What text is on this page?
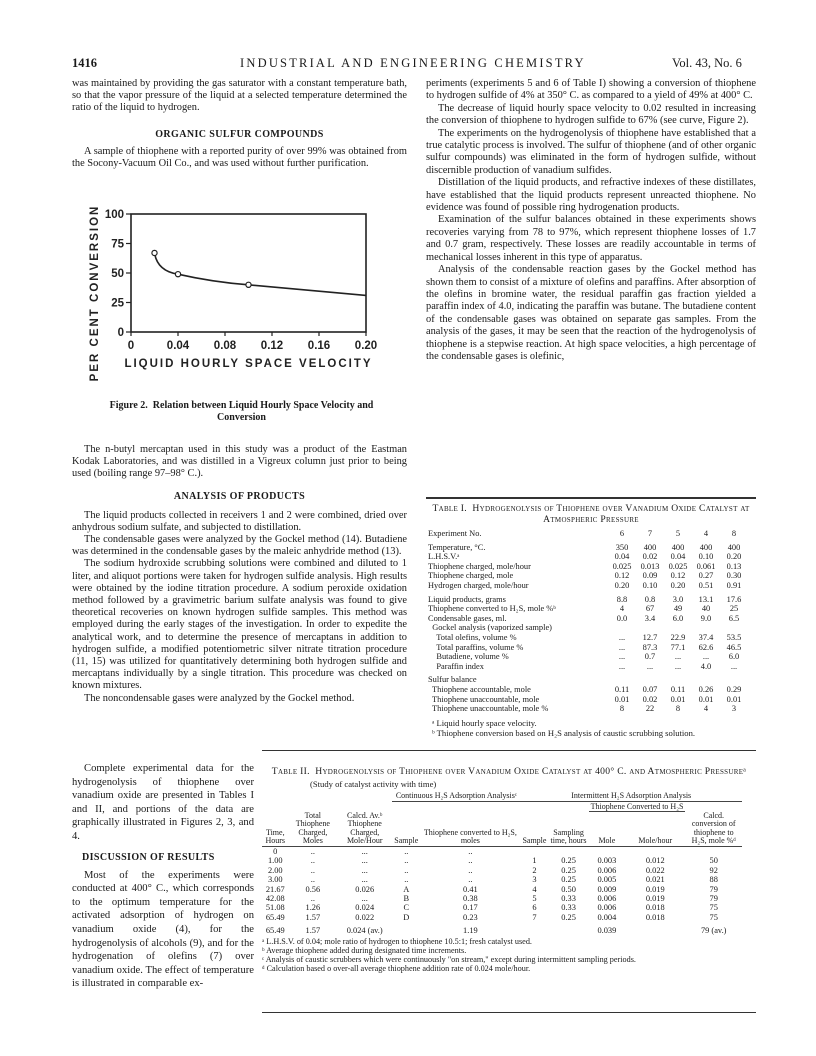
1416	INDUSTRIAL AND ENGINEERING CHEMISTRY	Vol. 43, No. 6

was maintained by providing the gas saturator with a constant temperature bath, so that the vapor pressure of the liquid at a selected temperature determined the ratio of the liquid to hydrogen.

ORGANIC SULFUR COMPOUNDS

A sample of thiophene with a reported purity of over 99% was obtained from the Socony-Vacuum Oil Co., and was used without further purification.

0
25
50
75
100
0	0.04 0.08 0.12 0.16 0.20
LIQUID HOURLY SPACE VELOCITY
PER CENT CONVERSION
Figure 2. Relation between Liquid Hourly Space Velocity and Conversion

The n-butyl mercaptan used in this study was a product of the Eastman Kodak Laboratories, and was distilled in a Vigreux column just prior to being used (boiling range 97–98° C.).

ANALYSIS OF PRODUCTS

The liquid products collected in receivers 1 and 2 were combined, dried over anhydrous sodium sulfate, and subjected to distillation.

The condensable gases were analyzed by the Gockel method (14). Butadiene was determined in the condensable gases by the maleic anhydride method (13).

The sodium hydroxide scrubbing solutions were combined and diluted to 1 liter, and aliquot portions were taken for hydrogen sulfide analysis. High results were obtained by the iodine titration procedure. A sodium peroxide oxidation method followed by a gravimetric barium sulfate analysis was found to give theoretical recoveries on known hydrogen sulfide samples. This method was employed during the early stages of the investigation. In order to expedite the analytical work, and to determine the presence of mercaptans in addition to hydrogen sulfide, a modified potentiometric silver nitrate titration procedure (11, 15) was utilized for quantitatively determining both hydrogen sulfide and mercaptans individually by a single titration. This procedure was checked on known mixtures.

The noncondensable gases were analyzed by the Gockel method.

Complete experimental data for the hydrogenolysis of thiophene over vanadium oxide are presented in Tables I and II, and portions of the data are graphically illustrated in Figures 2, 3, and 4.

DISCUSSION OF RESULTS

Most of the experiments were conducted at 400° C., which corresponds to the optimum temperature for the activated adsorption of hydrogen on vanadium oxide (4), for the hydrogenolysis of alcohols (9), and for the hydrogenation of olefins (7) over vanadium oxide. The effect of temperature is illustrated in comparable ex-

periments (experiments 5 and 6 of Table I) showing a conversion of thiophene to hydrogen sulfide of 4% at 350° C. as compared to a yield of 49% at 400° C.

The decrease of liquid hourly space velocity to 0.02 resulted in increasing the conversion of thiophene to hydrogen sulfide to 67% (see curve, Figure 2).

The experiments on the hydrogenolysis of thiophene have established that a true catalytic process is involved. The sulfur of thiophene (and of other organic sulfur compounds) was eliminated in the form of hydrogen sulfide, without discernible production of vanadium sulfides.

Distillation of the liquid products, and refractive indexes of these distillates, have established that the liquid products represent unreacted thiophene. No evidence was found of possible ring hydrogenation products.

Examination of the sulfur balances obtained in these experiments shows recoveries varying from 78 to 97%, which represent thiophene losses of 1.7 and 0.7 gram, respectively. These losses are readily accountable in terms of mechanical losses inherent in this type of apparatus.

Analysis of the condensable reaction gases by the Gockel method has shown them to consist of a mixture of olefins and paraffins. After absorption of the olefins in bromine water, the residual paraffin gas fraction yielded a paraffin index of 4.0, indicating the paraffin was butane. The butadiene content of the condensable gases was obtained on separate gas samples. From the analysis of the gases, it may be seen that the reaction of the hydrogenolysis of thiophene is a stepwise reaction. At high space velocities, a high percentage of the condensable gases is olefinic,

Table I. Hydrogenolysis of Thiophene over Vanadium Oxide Catalyst at Atmospheric Pressure
Experiment No.	6	7	5	4	8
Temperature, °C.	350	400	400	400	400
L.H.S.V.ᵃ	0.04	0.02	0.04	0.10	0.20
Thiophene charged, mole/hour	0.025	0.013	0.025	0.061	0.13
Thiophene charged, mole	0.12	0.09	0.12	0.27	0.30
Hydrogen charged, mole/hour	0.20	0.10	0.20	0.51	0.91
Liquid products, grams	8.8	0.8	3.0	13.1	17.6
Thiophene converted to H₂S, mole %ᵇ	4	67	49	40	25
Condensable gases, ml.	0.0	3.4	6.0	9.0	6.5
Gockel analysis (vaporized sample)					
Total olefins, volume %	...	12.7	22.9	37.4	53.5
Total paraffins, volume %	...	87.3	77.1	62.6	46.5
Butadiene, volume %	...	0.7	...	...	6.0
Paraffin index	...	...	...	4.0	...
Sulfur balance					
Thiophene accountable, mole	0.11	0.07	0.11	0.26	0.29
Thiophene unaccountable, mole	0.01	0.02	0.01	0.01	0.01
Thiophene unaccountable, mole %	8	22	8	4	3
ᵃ Liquid hourly space velocity.
ᵇ Thiophene conversion based on H₂S analysis of caustic scrubbing solution.
Table II. Hydrogenolysis of Thiophene over Vanadium Oxide Catalyst at 400° C. and Atmospheric Pressureᵃ
(Study of catalyst activity with time)
			Continuous H₂S Adsorption Analysisᶜ		Intermittent H₂S Adsorption Analysis				
							Thiophene Converted to H₂S		
Time, Hours	Total Thiophene Charged, Moles	Calcd. Av.ᵇ Thiophene Charged, Mole/Hour	Sample	Thiophene converted to H₂S, moles	Sample	Sampling time, hours	Mole	Mole/hour	Calcd. conversion of thiophene to H₂S, mole %ᵈ
0	..	...	..	..					
1.00	..	...	..	..	1	0.25	0.003	0.012	50
2.00	..	...	..	..	2	0.25	0.006	0.022	92
3.00	..	...	..	..	3	0.25	0.005	0.021	88
21.67	0.56	0.026	A	0.41	4	0.50	0.009	0.019	79
42.08	..	...	B	0.38	5	0.33	0.006	0.019	79
51.08	1.26	0.024	C	0.17	6	0.33	0.006	0.018	75
65.49	1.57	0.022	D	0.23	7	0.25	0.004	0.018	75
65.49	1.57	0.024 (av.)		1.19			0.039		79 (av.)
ᵃ L.H.S.V. of 0.04; mole ratio of hydrogen to thiophene 10.5:1; fresh catalyst used.
ᵇ Average thiophene added during designated time increments.
ᶜ Analysis of caustic scrubbers which were continuously "on stream," except during intermittent sampling periods.
ᵈ Calculation based o over-all average thiophene addition rate of 0.024 mole/hour.
